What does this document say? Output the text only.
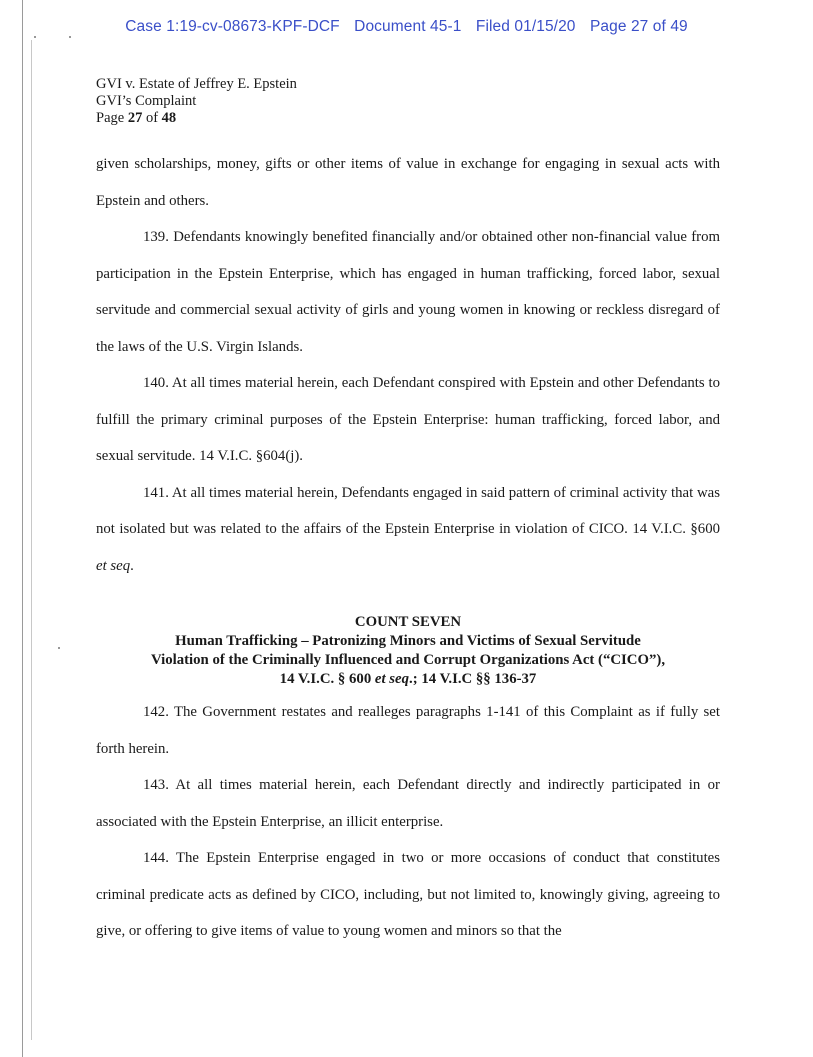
Case 1:19-cv-08673-KPF-DCF Document 45-1 Filed 01/15/20 Page 27 of 49
GVI v. Estate of Jeffrey E. Epstein
GVI’s Complaint
Page 27 of 48

given scholarships, money, gifts or other items of value in exchange for engaging in sexual acts with Epstein and others.

139. Defendants knowingly benefited financially and/or obtained other non-financial value from participation in the Epstein Enterprise, which has engaged in human trafficking, forced labor, sexual servitude and commercial sexual activity of girls and young women in knowing or reckless disregard of the laws of the U.S. Virgin Islands.

140. At all times material herein, each Defendant conspired with Epstein and other Defendants to fulfill the primary criminal purposes of the Epstein Enterprise: human trafficking, forced labor, and sexual servitude. 14 V.I.C. §604(j).

141. At all times material herein, Defendants engaged in said pattern of criminal activity that was not isolated but was related to the affairs of the Epstein Enterprise in violation of CICO. 14 V.I.C. §600 et seq.

COUNT SEVEN
Human Trafficking – Patronizing Minors and Victims of Sexual Servitude
Violation of the Criminally Influenced and Corrupt Organizations Act (“CICO”),
14 V.I.C. § 600 et seq.; 14 V.I.C §§ 136-37

142. The Government restates and realleges paragraphs 1-141 of this Complaint as if fully set forth herein.

143. At all times material herein, each Defendant directly and indirectly participated in or associated with the Epstein Enterprise, an illicit enterprise.

144. The Epstein Enterprise engaged in two or more occasions of conduct that constitutes criminal predicate acts as defined by CICO, including, but not limited to, knowingly giving, agreeing to give, or offering to give items of value to young women and minors so that the
